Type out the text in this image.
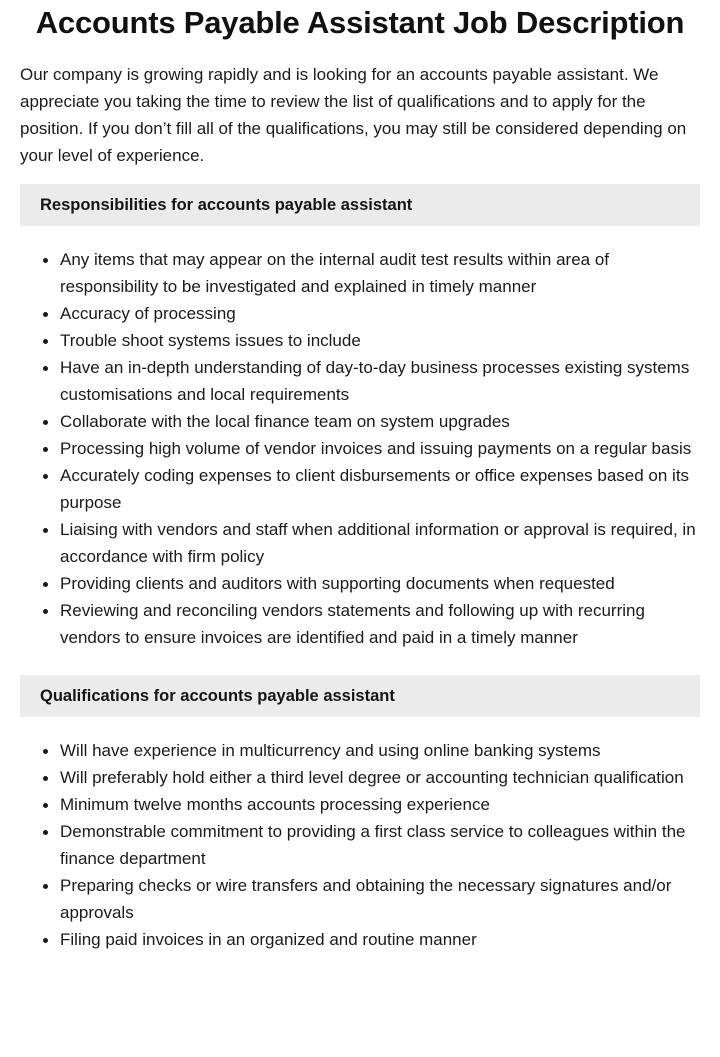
Accounts Payable Assistant Job Description

Our company is growing rapidly and is looking for an accounts payable assistant. We appreciate you taking the time to review the list of qualifications and to apply for the position. If you don’t fill all of the qualifications, you may still be considered depending on your level of experience.

Responsibilities for accounts payable assistant
Any items that may appear on the internal audit test results within area of responsibility to be investigated and explained in timely manner
Accuracy of processing
Trouble shoot systems issues to include
Have an in-depth understanding of day-to-day business processes existing systems customisations and local requirements
Collaborate with the local finance team on system upgrades
Processing high volume of vendor invoices and issuing payments on a regular basis
Accurately coding expenses to client disbursements or office expenses based on its purpose
Liaising with vendors and staff when additional information or approval is required, in accordance with firm policy
Providing clients and auditors with supporting documents when requested
Reviewing and reconciling vendors statements and following up with recurring vendors to ensure invoices are identified and paid in a timely manner
Qualifications for accounts payable assistant
Will have experience in multicurrency and using online banking systems
Will preferably hold either a third level degree or accounting technician qualification
Minimum twelve months accounts processing experience
Demonstrable commitment to providing a first class service to colleagues within the finance department
Preparing checks or wire transfers and obtaining the necessary signatures and/or approvals
Filing paid invoices in an organized and routine manner
